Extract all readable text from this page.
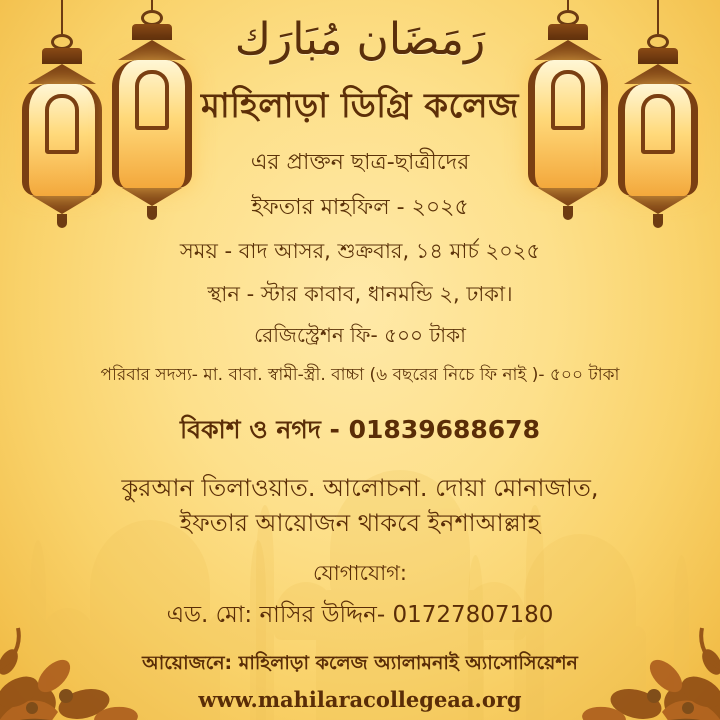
رَمَضَان مُبَارَك
মাহিলাড়া ডিগ্রি কলেজ
এর প্রাক্তন ছাত্র-ছাত্রীদের
ইফতার মাহফিল - ২০২৫
সময় - বাদ আসর, শুক্রবার, ১৪ মার্চ ২০২৫
স্থান - স্টার কাবাব, ধানমন্ডি ২, ঢাকা।
রেজিস্ট্রেশন ফি- ৫০০ টাকা
পরিবার সদস্য- মা. বাবা. স্বামী-স্ত্রী. বাচ্চা (৬ বছরের নিচে ফি নাই )- ৫০০ টাকা
বিকাশ ও নগদ - 01839688678
কুরআন তিলাওয়াত. আলোচনা. দোয়া মোনাজাত,
ইফতার আয়োজন থাকবে ইনশাআল্লাহ
যোগাযোগ:
এড. মো: নাসির উদ্দিন- 01727807180
আয়োজনে: মাহিলাড়া কলেজ অ্যালামনাই অ্যাসোসিয়েশন
www.mahilaracollegeaa.org
